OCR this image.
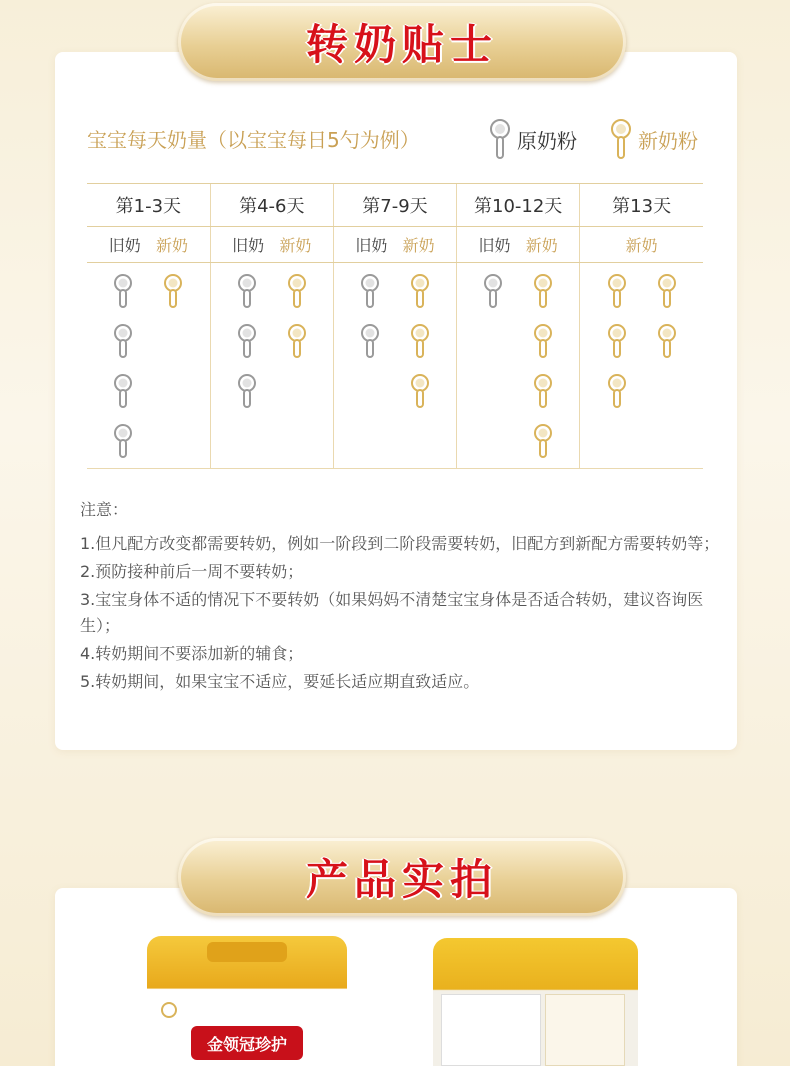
转奶贴士
宝宝每天奶量（以宝宝每日5勺为例）	原奶粉	新奶粉
第1-3天	第4-6天	第7-9天	第10-12天	第13天
旧奶 新奶	旧奶 新奶	旧奶 新奶	旧奶 新奶	新奶

注意：

1.但凡配方改变都需要转奶，例如一阶段到二阶段需要转奶，旧配方到新配方需要转奶等；

2.预防接种前后一周不要转奶；

3.宝宝身体不适的情况下不要转奶（如果妈妈不清楚宝宝身体是否适合转奶，建议咨询医生）；

4.转奶期间不要添加新的辅食；

5.转奶期间，如果宝宝不适应，要延长适应期直致适应。

产品实拍
金领冠珍护
